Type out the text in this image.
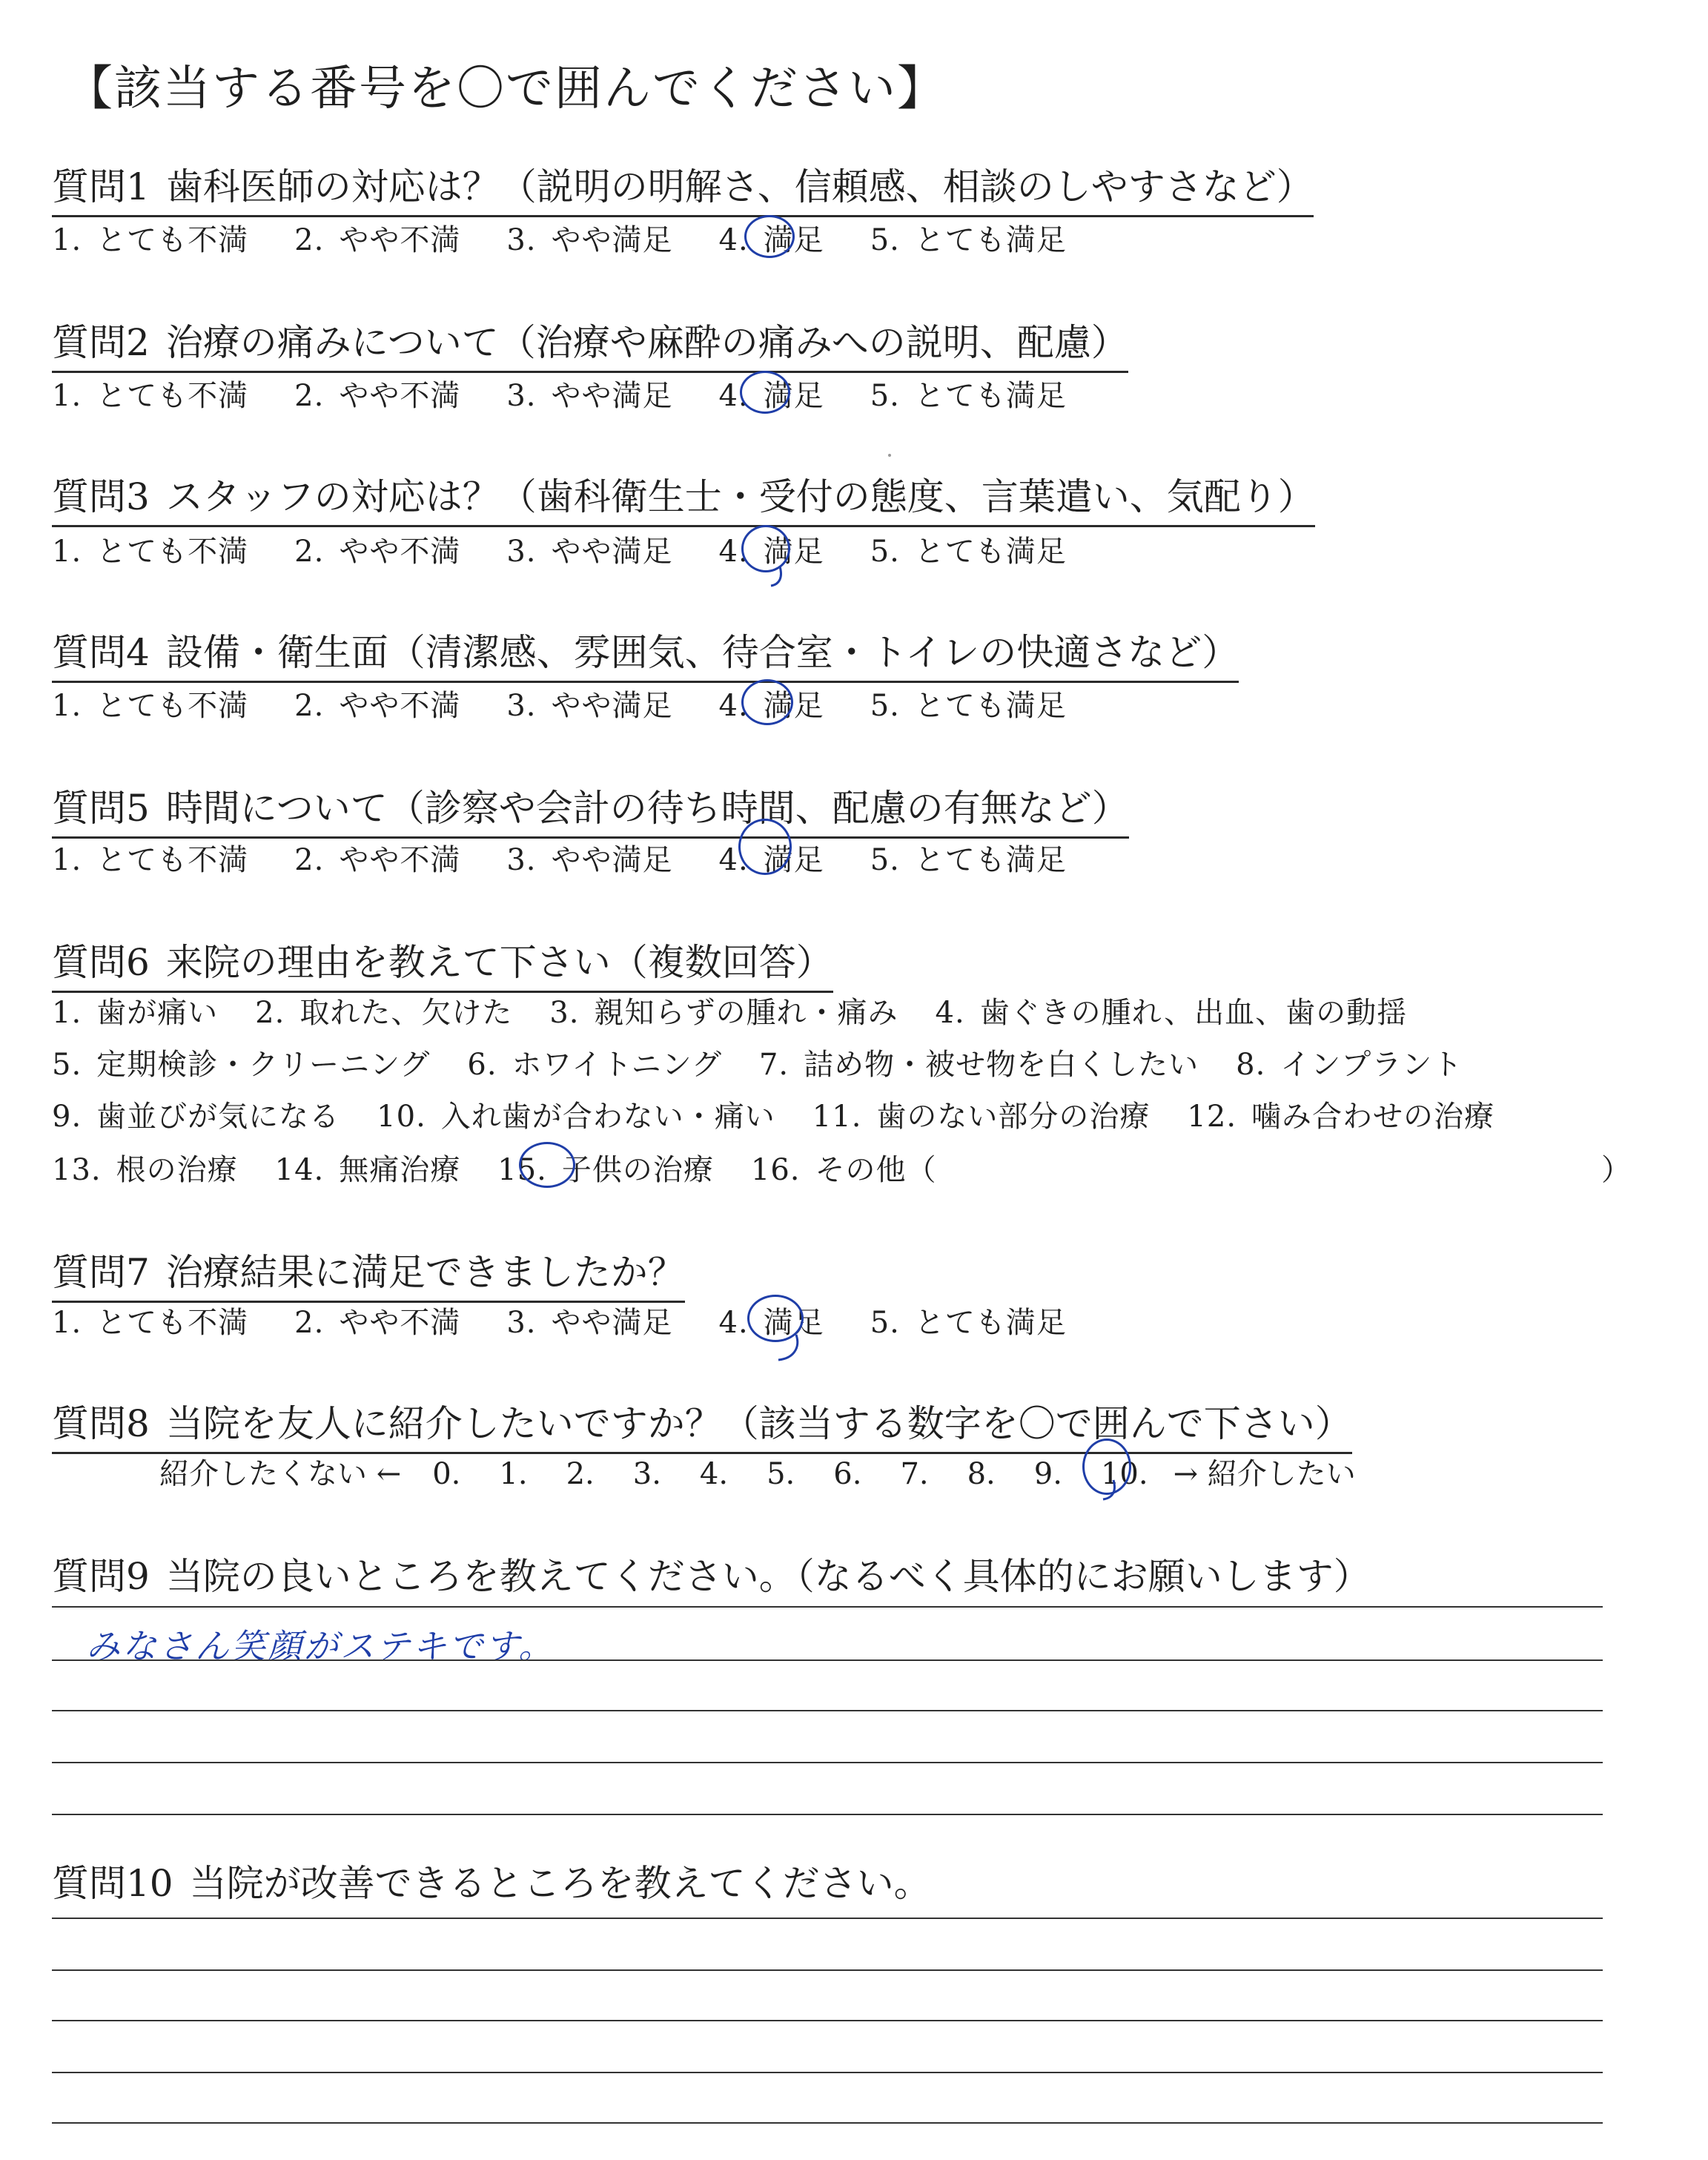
【該当する番号を〇で囲んでください】
質問1 歯科医師の対応は？（説明の明解さ、信頼感、相談のしやすさなど）
1. とても不満 2. やや不満 3. やや満足 4. 満足 5. とても満足
質問2 治療の痛みについて（治療や麻酔の痛みへの説明、配慮）
1. とても不満 2. やや不満 3. やや満足 4. 満足 5. とても満足
質問3 スタッフの対応は？（歯科衛生士・受付の態度、言葉遣い、気配り）
1. とても不満 2. やや不満 3. やや満足 4. 満足 5. とても満足
質問4 設備・衛生面（清潔感、雰囲気、待合室・トイレの快適さなど）
1. とても不満 2. やや不満 3. やや満足 4. 満足 5. とても満足
質問5 時間について（診察や会計の待ち時間、配慮の有無など）
1. とても不満 2. やや不満 3. やや満足 4. 満足 5. とても満足
質問6 来院の理由を教えて下さい（複数回答）
1. 歯が痛い 2. 取れた、欠けた 3. 親知らずの腫れ・痛み 4. 歯ぐきの腫れ、出血、歯の動揺
5. 定期検診・クリーニング 6. ホワイトニング 7. 詰め物・被せ物を白くしたい 8. インプラント
9. 歯並びが気になる 10. 入れ歯が合わない・痛い 11. 歯のない部分の治療 12. 噛み合わせの治療
13. 根の治療 14. 無痛治療 15. 子供の治療 16. その他（	）
質問7 治療結果に満足できましたか？
1. とても不満 2. やや不満 3. やや満足 4. 満足 5. とても満足
質問8 当院を友人に紹介したいですか？（該当する数字を〇で囲んで下さい）
紹介したくない ← 0. 1. 2. 3. 4. 5. 6. 7. 8. 9. 10. → 紹介したい
質問9 当院の良いところを教えてください。（なるべく具体的にお願いします）
みなさん笑顔がステキです。
質問10 当院が改善できるところを教えてください。
